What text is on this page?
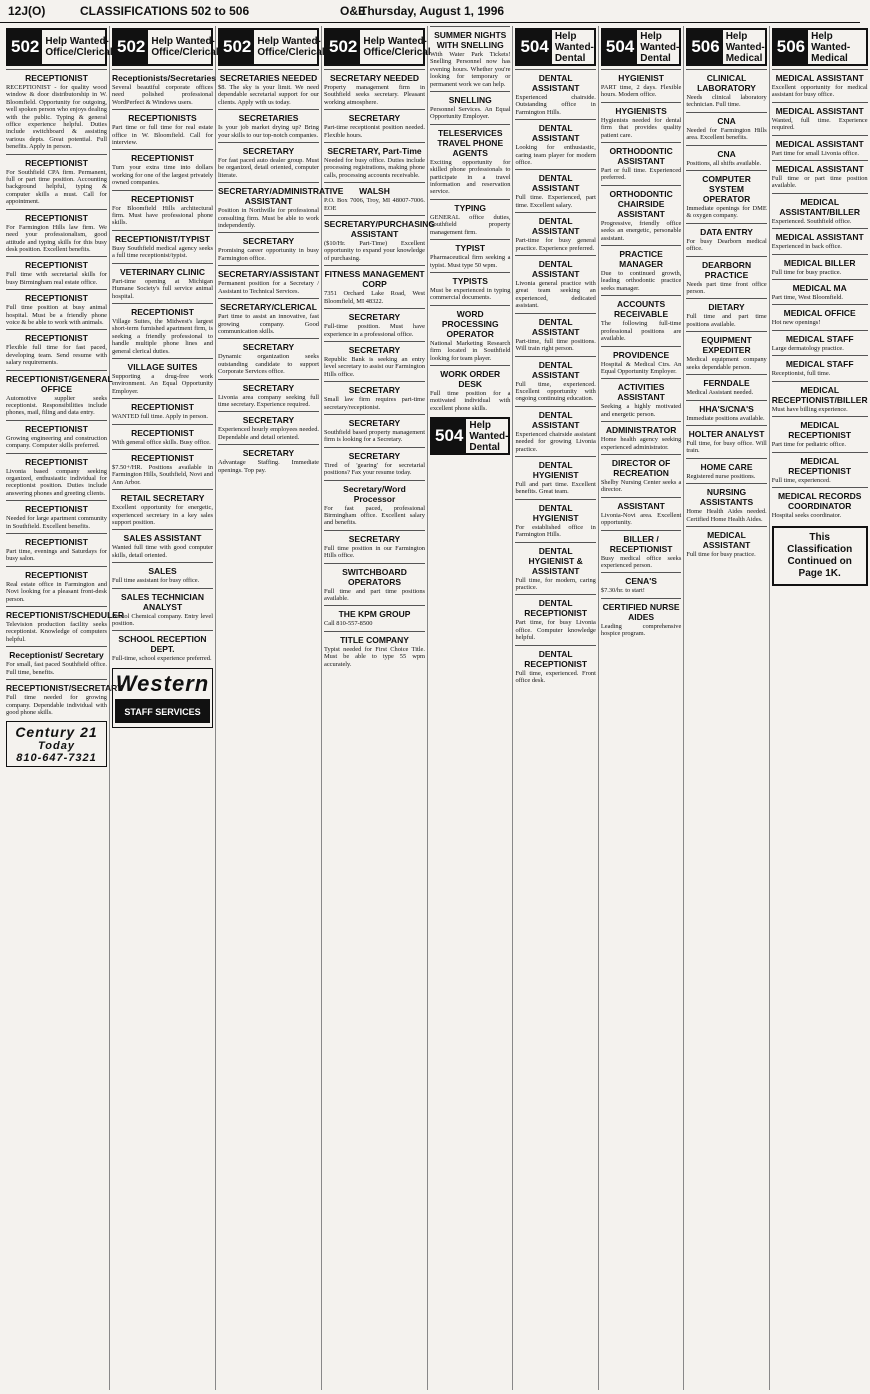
12J(O)	CLASSIFICATIONS 502 to 506	O&E
Thursday, August 1, 1996
502 Help Wanted-Office/Clerical
RECEPTIONIST

RECEPTIONIST - for quality wood window & door distributorship in W. Bloomfield. Opportunity for outgoing, well spoken person who enjoys dealing with the public. Typing & general office experience helpful. Duties include switchboard & assisting various depts. Great potential. Full benefits. Apply in person.

RECEPTIONIST

For Southfield CPA firm. Permanent, full or part time position. Accounting background helpful, typing & computer skills a must. Call for appointment.

RECEPTIONIST

For Farmington Hills law firm. We need your professionalism, good attitude and typing skills for this busy desk position. Excellent benefits.

RECEPTIONIST

Full time with secretarial skills for busy Birmingham real estate office.

RECEPTIONIST

Full time position at busy animal hospital. Must be a friendly phone voice & be able to work with animals.

RECEPTIONIST

Flexible full time for fast paced, developing team. Send resume with salary requirements.

RECEPTIONIST/GENERAL OFFICE

Automotive supplier seeks receptionist. Responsibilities include phones, mail, filing and data entry.

RECEPTIONIST

Growing engineering and construction company. Computer skills preferred.

RECEPTIONIST

Livonia based company seeking organized, enthusiastic individual for receptionist position. Duties include answering phones and greeting clients.

RECEPTIONIST

Needed for large apartment community in Southfield. Excellent benefits.

RECEPTIONIST

Part time, evenings and Saturdays for busy salon.

RECEPTIONIST

Real estate office in Farmington and Novi looking for a pleasant front-desk person.

RECEPTIONIST/SCHEDULER

Television production facility seeks receptionist. Knowledge of computers helpful.

Receptionist/ Secretary

For small, fast paced Southfield office. Full time, benefits.

RECEPTIONIST/SECRETARY

Full time needed for growing company. Dependable individual with good phone skills.

Century 21
Today
810-647-7321
502 Help Wanted-Office/Clerical
Receptionists/Secretaries

Several beautiful corporate offices need polished professional WordPerfect & Windows users.

RECEPTIONISTS

Part time or full time for real estate office in W. Bloomfield. Call for interview.

RECEPTIONIST

Turn your extra time into dollars working for one of the largest privately owned companies.

RECEPTIONIST

For Bloomfield Hills architectural firm. Must have professional phone skills.

RECEPTIONIST/TYPIST

Busy Southfield medical agency seeks a full time receptionist/typist.

VETERINARY CLINIC

Part-time opening at Michigan Humane Society's full service animal hospital.

RECEPTIONIST

Village Suites, the Midwest's largest short-term furnished apartment firm, is seeking a friendly professional to handle multiple phone lines and general clerical duties.

VILLAGE SUITES

Supporting a drug-free work environment. An Equal Opportunity Employer.

RECEPTIONIST

WANTED full time. Apply in person.

RECEPTIONIST

With general office skills. Busy office.

RECEPTIONIST

$7.50+/HR. Positions available in Farmington Hills, Southfield, Novi and Ann Arbor.

RETAIL SECRETARY

Excellent opportunity for energetic, experienced secretary in a key sales support position.

SALES ASSISTANT

Wanted full time with good computer skills, detail oriented.

SALES

Full time assistant for busy office.

SALES TECHNICIAN ANALYST

Bristol Chemical company. Entry level position.

SCHOOL RECEPTION DEPT.

Full-time, school experience preferred.

Western
STAFF SERVICES
502 Help Wanted-Office/Clerical
SECRETARIES NEEDED

$8. The sky is your limit. We need dependable secretarial support for our clients. Apply with us today.

SECRETARIES

Is your job market drying up? Bring your skills to our top-notch companies.

SECRETARY

For fast paced auto dealer group. Must be organized, detail oriented, computer literate.

SECRETARY/ADMINISTRATIVE ASSISTANT

Position in Northville for professional consulting firm. Must be able to work independently.

SECRETARY

Promising career opportunity in busy Farmington office.

SECRETARY/ASSISTANT

Permanent position for a Secretary / Assistant to Technical Services.

SECRETARY/CLERICAL

Part time to assist an innovative, fast growing company. Good communication skills.

SECRETARY

Dynamic organization seeks outstanding candidate to support Corporate Services office.

SECRETARY

Livonia area company seeking full time secretary. Experience required.

SECRETARY

Experienced hourly employees needed. Dependable and detail oriented.

SECRETARY

Advantage Staffing. Immediate openings. Top pay.

502 Help Wanted-Office/Clerical
SECRETARY NEEDED

Property management firm in Southfield seeks secretary. Pleasant working atmosphere.

SECRETARY

Part-time receptionist position needed. Flexible hours.

SECRETARY, Part-Time

Needed for busy office. Duties include processing registrations, making phone calls, processing accounts receivable.

WALSH

P.O. Box 7006, Troy, MI 48007-7006. EOE

SECRETARY/PURCHASING ASSISTANT

($10/Hr. Part-Time) Excellent opportunity to expand your knowledge of purchasing.

FITNESS MANAGEMENT CORP

7351 Orchard Lake Road, West Bloomfield, MI 48322.

SECRETARY

Full-time position. Must have experience in a professional office.

SECRETARY

Republic Bank is seeking an entry level secretary to assist our Farmington Hills office.

SECRETARY

Small law firm requires part-time secretary/receptionist.

SECRETARY

Southfield based property management firm is looking for a Secretary.

SECRETARY

Tired of 'gearing' for secretarial positions? Fax your resume today.

Secretary/Word Processor

For fast paced, professional Birmingham office. Excellent salary and benefits.

SECRETARY

Full time position in our Farmington Hills office.

SWITCHBOARD OPERATORS

Full time and part time positions available.

THE KPM GROUP

Call 810-557-8500

TITLE COMPANY

Typist needed for First Choice Title. Must be able to type 55 wpm accurately.

SUMMER NIGHTS WITH SNELLING

With Water Park Tickets! Snelling Personnel now has evening hours. Whether you're looking for temporary or permanent work we can help.

SNELLING

Personnel Services. An Equal Opportunity Employer.

TELESERVICES TRAVEL PHONE AGENTS

Exciting opportunity for skilled phone professionals to participate in a travel information and reservation service.

TYPING

GENERAL office duties, Southfield property management firm.

TYPIST

Pharmaceutical firm seeking a typist. Must type 50 wpm.

TYPISTS

Must be experienced in typing commercial documents.

WORD PROCESSING OPERATOR

National Marketing Research firm located in Southfield looking for team player.

WORK ORDER DESK

Full time position for a motivated individual with excellent phone skills.

504
Help Wanted-Dental
504
Help Wanted-Dental
DENTAL ASSISTANT

Experienced chairside. Outstanding office in Farmington Hills.

DENTAL ASSISTANT

Looking for enthusiastic, caring team player for modern office.

DENTAL ASSISTANT

Full time. Experienced, part time. Excellent salary.

DENTAL ASSISTANT

Part-time for busy general practice. Experience preferred.

DENTAL ASSISTANT

Livonia general practice with great team seeking an experienced, dedicated assistant.

DENTAL ASSISTANT

Part-time, full time positions. Will train right person.

DENTAL ASSISTANT

Full time, experienced. Excellent opportunity with ongoing continuing education.

DENTAL ASSISTANT

Experienced chairside assistant needed for growing Livonia practice.

DENTAL HYGIENIST

Full and part time. Excellent benefits. Great team.

DENTAL HYGIENIST

For established office in Farmington Hills.

DENTAL HYGIENIST & ASSISTANT

Full time, for modern, caring practice.

DENTAL RECEPTIONIST

Part time, for busy Livonia office. Computer knowledge helpful.

DENTAL RECEPTIONIST

Full time, experienced. Front office desk.

504
Help Wanted-Dental
HYGIENIST

PART time, 2 days. Flexible hours. Modern office.

HYGIENISTS

Hygienists needed for dental firm that provides quality patient care.

ORTHODONTIC ASSISTANT

Part or full time. Experienced preferred.

ORTHODONTIC CHAIRSIDE ASSISTANT

Progressive, friendly office seeks an energetic, personable assistant.

PRACTICE MANAGER

Due to continued growth, leading orthodontic practice seeks manager.

ACCOUNTS RECEIVABLE

The following full-time professional positions are available.

PROVIDENCE

Hospital & Medical Ctrs. An Equal Opportunity Employer.

ACTIVITIES ASSISTANT

Seeking a highly motivated and energetic person.

ADMINISTRATOR

Home health agency seeking experienced administrator.

DIRECTOR OF RECREATION

Shelby Nursing Center seeks a director.

ASSISTANT

Livonia-Novi area. Excellent opportunity.

BILLER / RECEPTIONIST

Busy medical office seeks experienced person.

CENA'S

$7.30/hr. to start!

CERTIFIED NURSE AIDES

Leading comprehensive hospice program.

506
Help Wanted-Medical
CLINICAL LABORATORY

Needs clinical laboratory technician. Full time.

CNA

Needed for Farmington Hills area. Excellent benefits.

CNA

Positions, all shifts available.

COMPUTER SYSTEM OPERATOR

Immediate openings for DME & oxygen company.

DATA ENTRY

For busy Dearborn medical office.

DEARBORN PRACTICE

Needs part time front office person.

DIETARY

Full time and part time positions available.

EQUIPMENT EXPEDITER

Medical equipment company seeks dependable person.

FERNDALE

Medical Assistant needed.

HHA'S/CNA'S

Immediate positions available.

HOLTER ANALYST

Full time, for busy office. Will train.

HOME CARE

Registered nurse positions.

NURSING ASSISTANTS

Home Health Aides needed. Certified Home Health Aides.

MEDICAL ASSISTANT

Full time for busy practice.

506
Help Wanted-Medical
MEDICAL ASSISTANT

Excellent opportunity for medical assistant for busy office.

MEDICAL ASSISTANT

Wanted, full time. Experience required.

MEDICAL ASSISTANT

Part time for small Livonia office.

MEDICAL ASSISTANT

Full time or part time position available.

MEDICAL ASSISTANT/BILLER

Experienced. Southfield office.

MEDICAL ASSISTANT

Experienced in back office.

MEDICAL BILLER

Full time for busy practice.

MEDICAL MA

Part time, West Bloomfield.

MEDICAL OFFICE

Hot new openings!

MEDICAL STAFF

Large dermatology practice.

MEDICAL STAFF

Receptionist, full time.

MEDICAL RECEPTIONIST/BILLER

Must have billing experience.

MEDICAL RECEPTIONIST

Part time for pediatric office.

MEDICAL RECEPTIONIST

Full time, experienced.

MEDICAL RECORDS COORDINATOR

Hospital seeks coordinator.

This Classification Continued on Page 1K.
